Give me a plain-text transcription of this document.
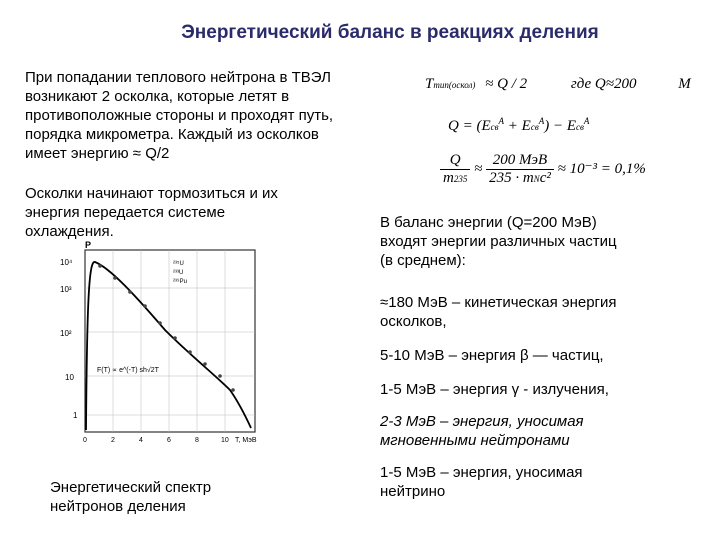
Энергетический баланс в реакциях деления
При попадании теплового нейтрона в ТВЭЛ
возникают 2 осколка, которые летят в
противоположные стороны и проходят путь,
порядка микрометра. Каждый из осколков
имеет энергию ≈ Q/2
Осколки начинают тормозиться и их
энергия передается системе
охлаждения.
Tтип(оскол) ≈ Q / 2	где Q≈200	M
Q = (Eсв$^A$ + Eсв$^A$) − Eсв$^A$
$\frac{Q}{m235} \approx \frac{\text{200 МэВ}}{\text{235 · mNc²}} \approx 10^{-3} = 0,1\%$
В баланс энергии (Q=200 МэВ)
входят энергии различных частиц
(в среднем):
≈180 МэВ – кинетическая энергия
осколков,
5-10 МэВ – энергия β — частиц,
1-5 МэВ – энергия γ - излучения,
2-3 МэВ – энергия, уносимая
мгновенными нейтронами
1-5 МэВ – энергия, уносимая
нейтрино
P
10⁴
10³
10²
10
1
0	2	4	6	8	10 T, МэВ
²³⁵U
²³³U
²³⁹Pu
F(T) ∝ e^(-T) sh√2T
Энергетический спектр
нейтронов деления
